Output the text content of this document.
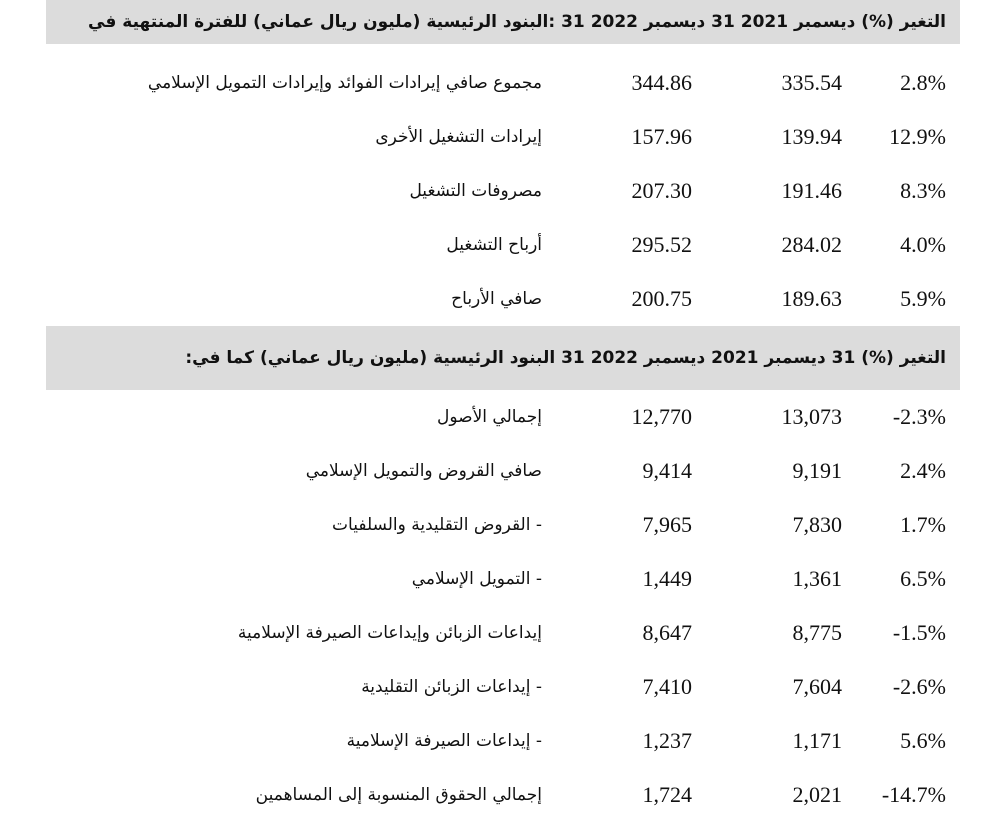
التغير (%) ديسمبر 2021 31 ديسمبر 2022 31 :البنود الرئيسية (مليون ريال عماني) للفترة المنتهية في
مجموع صافي إيرادات الفوائد وإيرادات التمويل الإسلامي	344.86	335.54	2.8%
إيرادات التشغيل الأخرى	157.96	139.94 12.9%
مصروفات التشغيل	207.30	191.46	8.3%
أرباح التشغيل	295.52	284.02	4.0%
صافي الأرباح	200.75	189.63	5.9%
التغير (%) 31 ديسمبر 2021 ديسمبر 2022 31 البنود الرئيسية (مليون ريال عماني) كما في:
إجمالي الأصول	12,770	13,073 -2.3%
صافي القروض والتمويل الإسلامي	9,414	9,191	2.4%
- القروض التقليدية والسلفيات	7,965	7,830	1.7%
- التمويل الإسلامي	1,449	1,361	6.5%
إيداعات الزبائن وإيداعات الصيرفة الإسلامية	8,647	8,775 -1.5%
- إيداعات الزبائن التقليدية	7,410	7,604 -2.6%
- إيداعات الصيرفة الإسلامية	1,237	1,171	5.6%
إجمالي الحقوق المنسوبة إلى المساهمين	1,724	2,021 -14.7%
